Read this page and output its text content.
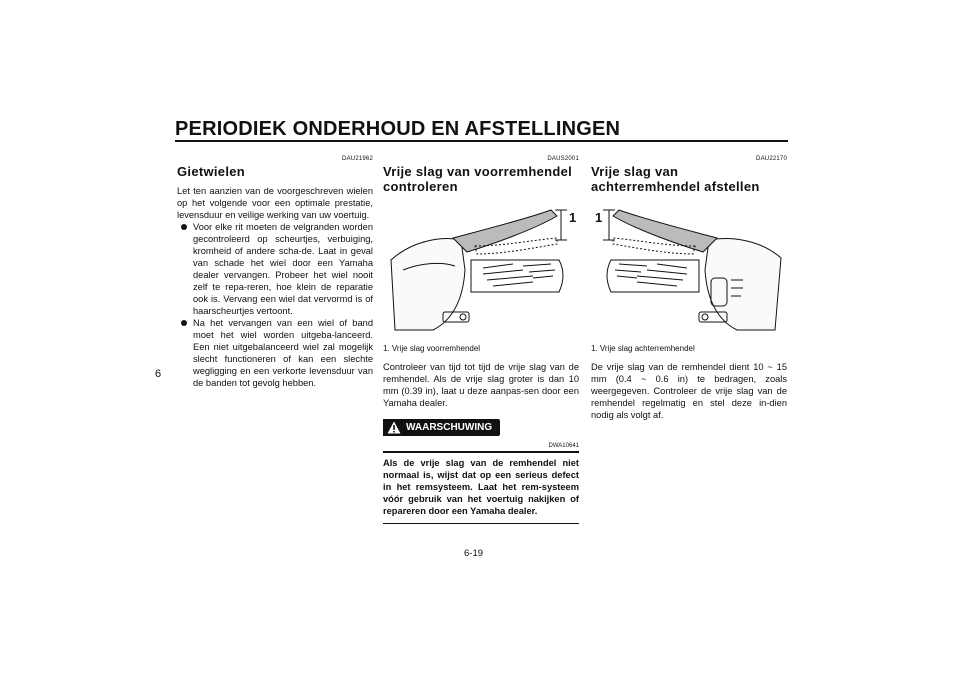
PERIODIEK ONDERHOUD EN AFSTELLINGEN
6
DAU21962
Gietwielen

Let ten aanzien van de voorgeschreven wielen op het volgende voor een optimale prestatie, levensduur en veilige werking van uw voertuig.

Voor elke rit moeten de velgranden worden gecontroleerd op scheurtjes, verbuiging, kromheid of andere scha-de. Laat in geval van schade het wiel door een Yamaha dealer vervangen. Probeer het wiel nooit zelf te repa-reren, hoe klein de reparatie ook is. Vervang een wiel dat vervormd is of haarscheurtjes vertoont.
Na het vervangen van een wiel of band moet het wiel worden uitgeba-lanceerd. Een niet uitgebalanceerd wiel zal mogelijk slecht functioneren of kan een slechte wegligging en een verkorte levensduur van de banden tot gevolg hebben.
DAUS2001
Vrije slag van voorremhendel controleren
1
1. Vrije slag voorremhendel

Controleer van tijd tot tijd de vrije slag van de remhendel. Als de vrije slag groter is dan 10 mm (0.39 in), laat u deze aanpas-sen door een Yamaha dealer.

WAARSCHUWING
DWA10641
Als de vrije slag van de remhendel niet normaal is, wijst dat op een serieus defect in het remsysteem. Laat het rem-systeem vóór gebruik van het voertuig nakijken of repareren door een Yamaha dealer.
DAU22170
Vrije slag van achterremhendel afstellen
1
1. Vrije slag achterremhendel

De vrije slag van de remhendel dient 10 ~ 15 mm (0.4 ~ 0.6 in) te bedragen, zoals weergegeven. Controleer de vrije slag van de remhendel regelmatig en stel deze in-dien nodig als volgt af.

6-19
